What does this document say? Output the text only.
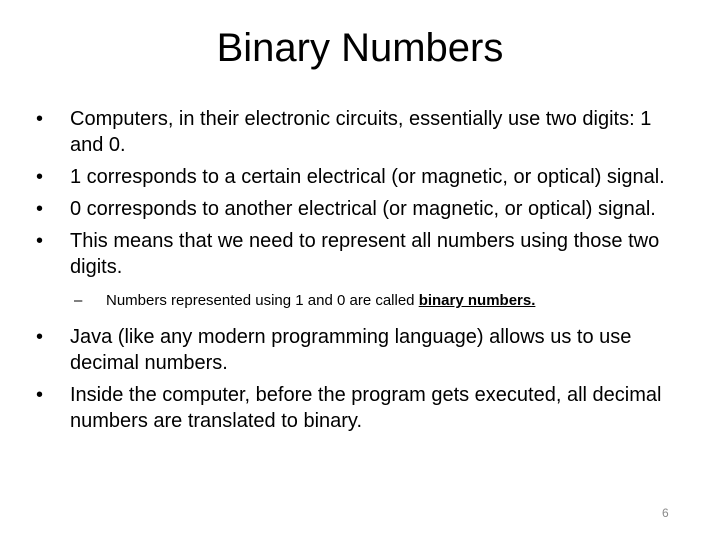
Binary Numbers
•	Computers, in their electronic circuits, essentially use two digits: 1 and 0.
•	1 corresponds to a certain electrical (or magnetic, or optical) signal.
•	0 corresponds to another electrical (or magnetic, or optical) signal.
•	This means that we need to represent all numbers using those two digits.
– Numbers represented using 1 and 0 are called binary numbers.
•	Java (like any modern programming language) allows us to use decimal numbers.
•	Inside the computer, before the program gets executed, all decimal numbers are translated to binary.
6
